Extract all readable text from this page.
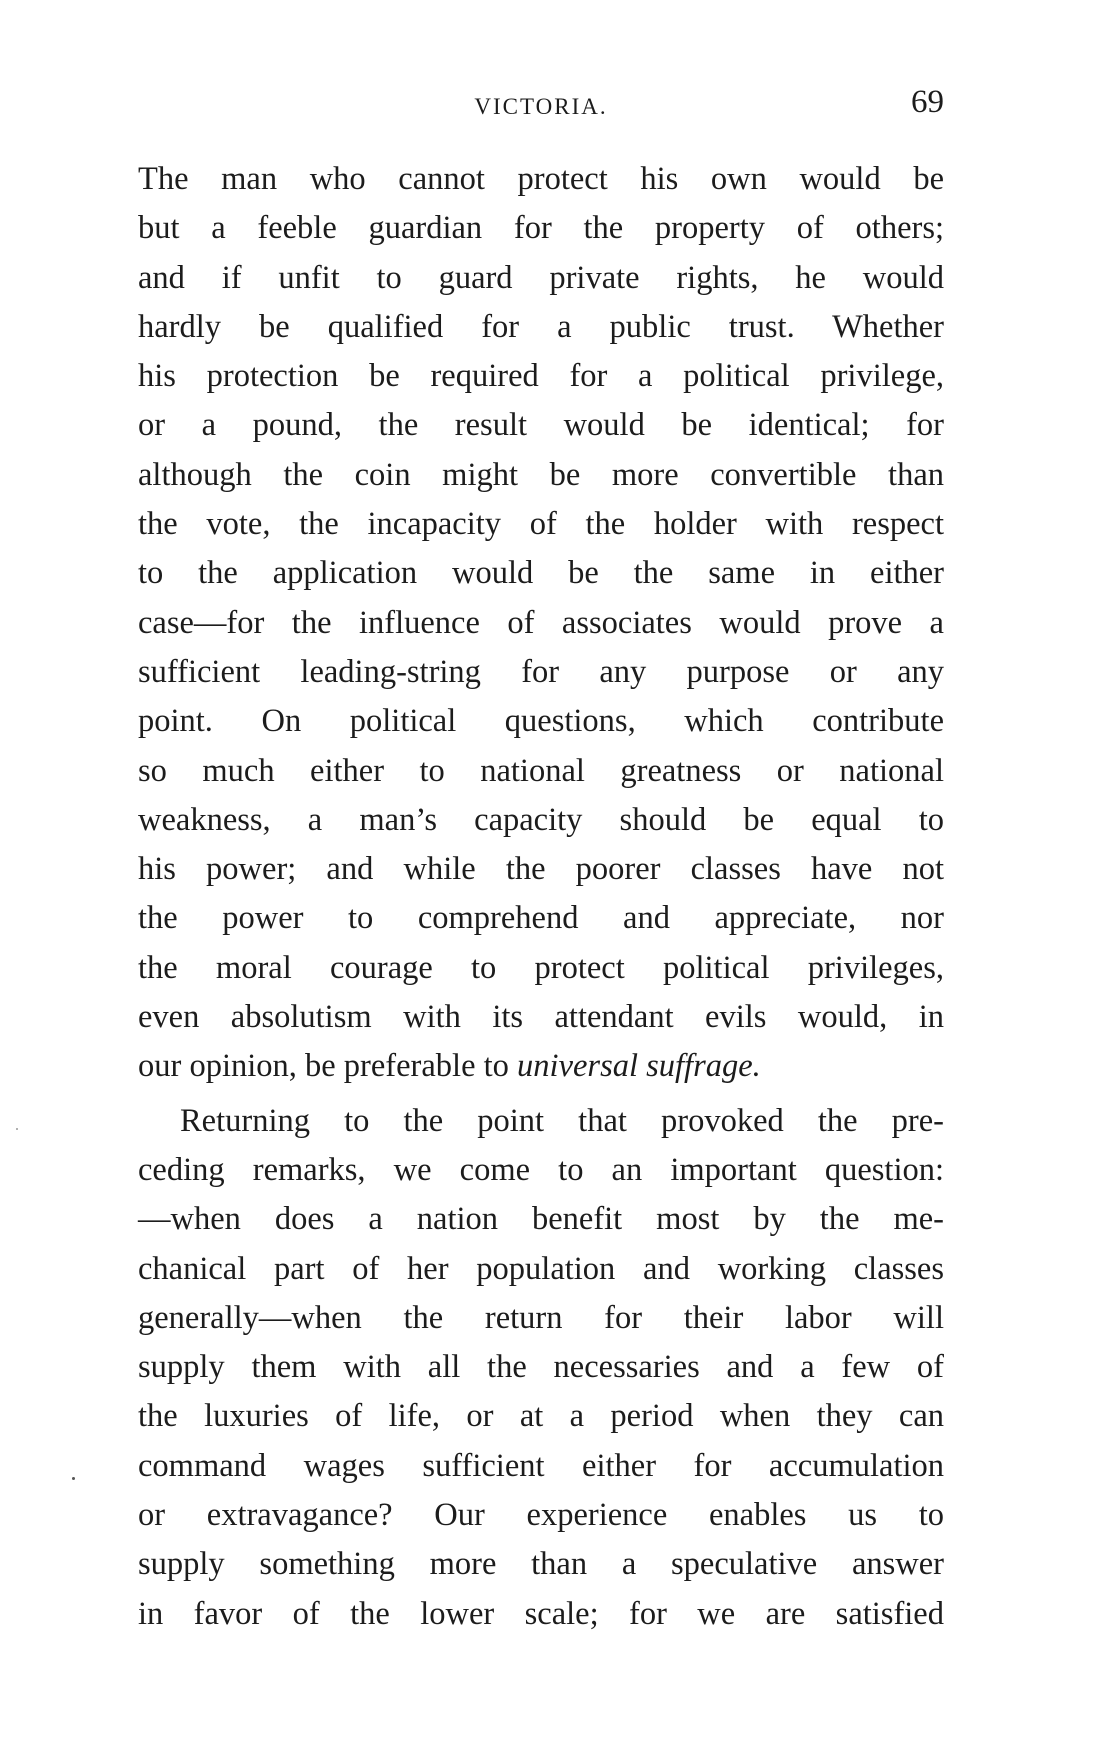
VICTORIA.	69
The man who cannot protect his own would be
but a feeble guardian for the property of others;
and if unfit to guard private rights, he would
hardly be qualified for a public trust. Whether
his protection be required for a political privilege,
or a pound, the result would be identical; for
although the coin might be more convertible than
the vote, the incapacity of the holder with respect
to the application would be the same in either
case—for the influence of associates would prove a
sufficient leading-string for any purpose or any
point. On political questions, which contribute
so much either to national greatness or national
weakness, a man’s capacity should be equal to
his power; and while the poorer classes have not
the power to comprehend and appreciate, nor
the moral courage to protect political privileges,
even absolutism with its attendant evils would, in
our opinion, be preferable to universal suffrage.
Returning to the point that provoked the pre-
ceding remarks, we come to an important question:
—when does a nation benefit most by the me-
chanical part of her population and working classes
generally—when the return for their labor will
supply them with all the necessaries and a few of
the luxuries of life, or at a period when they can
command wages sufficient either for accumulation
or extravagance? Our experience enables us to
supply something more than a speculative answer
in favor of the lower scale; for we are satisfied
